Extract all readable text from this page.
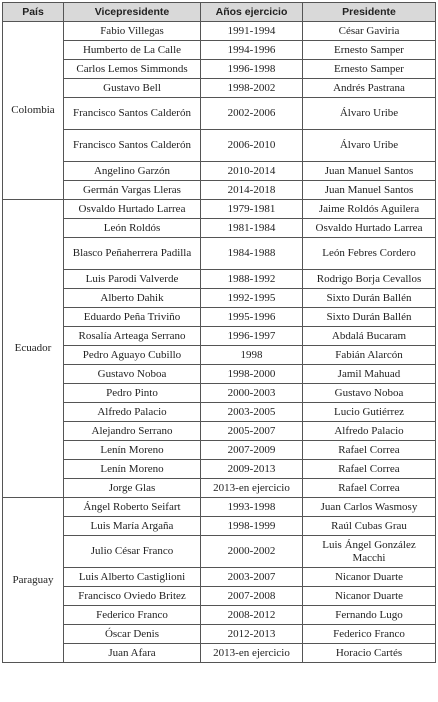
País	Vicepresidente	Años ejercicio	Presidente
Colombia	Fabio Villegas	1991-1994	César Gaviria
	Humberto de La Calle	1994-1996	Ernesto Samper
	Carlos Lemos Simmonds	1996-1998	Ernesto Samper
	Gustavo Bell	1998-2002	Andrés Pastrana
	Francisco Santos Calderón	2002-2006	Álvaro Uribe
	Francisco Santos Calderón	2006-2010	Álvaro Uribe
	Angelino Garzón	2010-2014	Juan Manuel Santos
	Germán Vargas Lleras	2014-2018	Juan Manuel Santos
Ecuador	Osvaldo Hurtado Larrea	1979-1981	Jaime Roldós Aguilera
	León Roldós	1981-1984	Osvaldo Hurtado Larrea
	Blasco Peñaherrera Padilla	1984-1988	León Febres Cordero
	Luis Parodi Valverde	1988-1992	Rodrigo Borja Cevallos
	Alberto Dahik	1992-1995	Sixto Durán Ballén
	Eduardo Peña Triviño	1995-1996	Sixto Durán Ballén
	Rosalía Arteaga Serrano	1996-1997	Abdalá Bucaram
	Pedro Aguayo Cubillo	1998	Fabián Alarcón
	Gustavo Noboa	1998-2000	Jamil Mahuad
	Pedro Pinto	2000-2003	Gustavo Noboa
	Alfredo Palacio	2003-2005	Lucio Gutiérrez
	Alejandro Serrano	2005-2007	Alfredo Palacio
	Lenín Moreno	2007-2009	Rafael Correa
	Lenín Moreno	2009-2013	Rafael Correa
	Jorge Glas	2013-en ejercicio	Rafael Correa
Paraguay	Ángel Roberto Seifart	1993-1998	Juan Carlos Wasmosy
	Luis María Argaña	1998-1999	Raúl Cubas Grau
	Julio César Franco	2000-2002	Luis Ángel González Macchi
	Luis Alberto Castiglioni	2003-2007	Nicanor Duarte
	Francisco Oviedo Britez	2007-2008	Nicanor Duarte
	Federico Franco	2008-2012	Fernando Lugo
	Óscar Denis	2012-2013	Federico Franco
	Juan Afara	2013-en ejercicio	Horacio Cartés
